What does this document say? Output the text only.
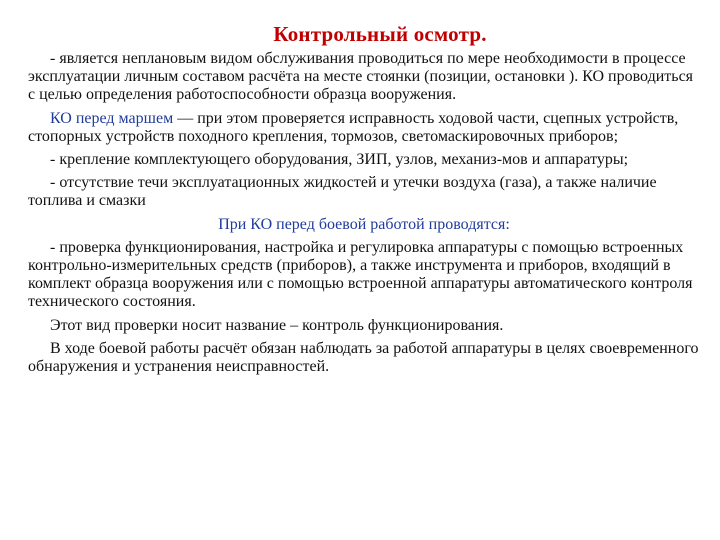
Контрольный осмотр.

- является неплановым видом обслуживания проводиться по мере необходимости в процессе эксплуатации личным составом расчёта на месте стоянки (позиции, остановки ). КО проводиться с целью определения работоспособности образца вооружения.

КО перед маршем — при этом проверяется исправность ходовой части, сцепных устройств, стопорных устройств походного крепления, тормозов, светомаскировочных приборов;

- крепление комплектующего оборудования, ЗИП, узлов, механиз-мов и аппаратуры;

- отсутствие течи эксплуатационных жидкостей и утечки воздуха (газа), а также наличие топлива и смазки

При КО перед боевой работой проводятся:

- проверка функционирования, настройка и регулировка аппаратуры с помощью встроенных контрольно-измерительных средств (приборов), а также инструмента и приборов, входящий в комплект образца вооружения или с помощью встроенной аппаратуры автоматического контроля технического состояния.

Этот вид проверки носит название – контроль функционирования.

В ходе боевой работы расчёт обязан наблюдать за работой аппаратуры в целях своевременного обнаружения и устранения неисправностей.
